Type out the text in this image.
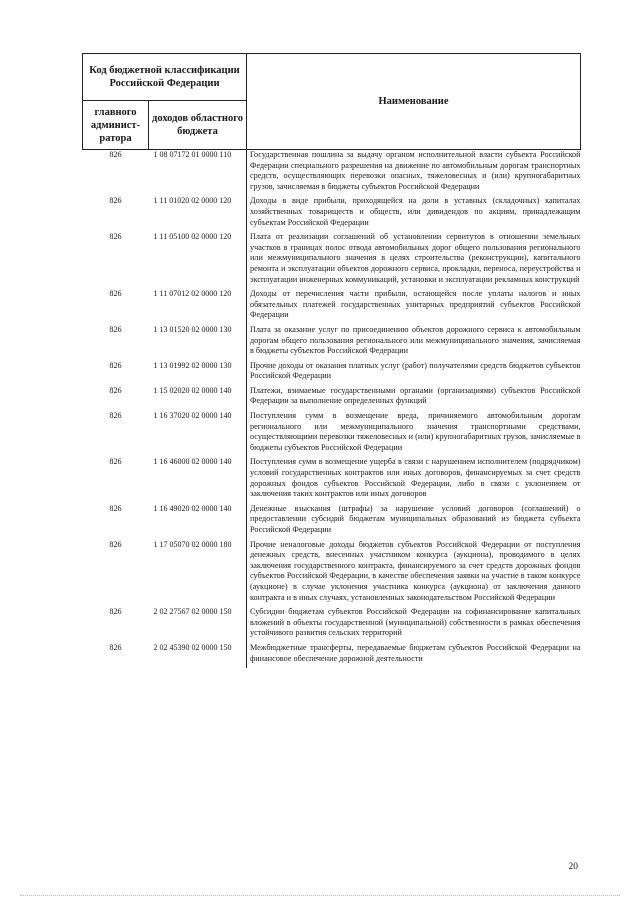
Код бюджетной классификации Российской Федерации		Наименование
главного админист-ратора	доходов областного бюджета	
826	1 08 07172 01 0000 110	Государственная пошлина за выдачу органом исполнительной власти субъекта Российской Федерации специального разрешения на движение по автомобильным дорогам транспортных средств, осуществляющих перевозки опасных, тяжеловесных и (или) крупногабаритных грузов, зачисляемая в бюджеты субъектов Российской Федерации
826	1 11 01020 02 0000 120	Доходы в виде прибыли, приходящейся на доли в уставных (складочных) капиталах хозяйственных товариществ и обществ, или дивидендов по акциям, принадлежащим субъектам Российской Федерации
826	1 11 05100 02 0000 120	Плата от реализации соглашений об установлении сервитутов в отношении земельных участков в границах полос отвода автомобильных дорог общего пользования регионального или межмуниципального значения в целях строительства (реконструкции), капитального ремонта и эксплуатации объектов дорожного сервиса, прокладки, переноса, переустройства и эксплуатации инженерных коммуникаций, установки и эксплуатации рекламных конструкций
826	1 11 07012 02 0000 120	Доходы от перечисления части прибыли, остающейся после уплаты налогов и иных обязательных платежей государственных унитарных предприятий субъектов Российской Федерации
826	1 13 01520 02 0000 130	Плата за оказание услуг по присоединению объектов дорожного сервиса к автомобильным дорогам общего пользования регионального или межмуниципального значения, зачисляемая в бюджеты субъектов Российской Федерации
826	1 13 01992 02 0000 130	Прочие доходы от оказания платных услуг (работ) получателями средств бюджетов субъектов Российской Федерации
826	1 15 02020 02 0000 140	Платежи, взимаемые государственными органами (организациями) субъектов Российской Федерации за выполнение определенных функций
826	1 16 37020 02 0000 140	Поступления сумм в возмещение вреда, причиняемого автомобильным дорогам регионального или межмуниципального значения транспортными средствами, осуществляющими перевозки тяжеловесных и (или) крупногабаритных грузов, зачисляемые в бюджеты субъектов Российской Федерации
826	1 16 46000 02 0000 140	Поступления сумм в возмещение ущерба в связи с нарушением исполнителем (подрядчиком) условий государственных контрактов или иных договоров, финансируемых за счет средств дорожных фондов субъектов Российской Федерации, либо в связи с уклонением от заключения таких контрактов или иных договоров
826	1 16 49020 02 0000 140	Денежные взыскания (штрафы) за нарушение условий договоров (соглашений) о предоставлении субсидий бюджетам муниципальных образований из бюджета субъекта Российской Федерации
826	1 17 05070 02 0000 180	Прочие неналоговые доходы бюджетов субъектов Российской Федерации от поступления денежных средств, внесенных участником конкурса (аукциона), проводимого в целях заключения государственного контракта, финансируемого за счет средств дорожных фондов субъектов Российской Федерации, в качестве обеспечения заявки на участие в таком конкурсе (аукционе) в случае уклонения участника конкурса (аукциона) от заключения данного контракта и в иных случаях, установленных законодательством Российской Федерации
826	2 02 27567 02 0000 150	Субсидии бюджетам субъектов Российской Федерации на софинансирование капитальных вложений в объекты государственной (муниципальной) собственности в рамках обеспечения устойчивого развития сельских территорий
826	2 02 45390 02 0000 150	Межбюджетные трансферты, передаваемые бюджетам субъектов Российской Федерации на финансовое обеспечение дорожной деятельности
20
